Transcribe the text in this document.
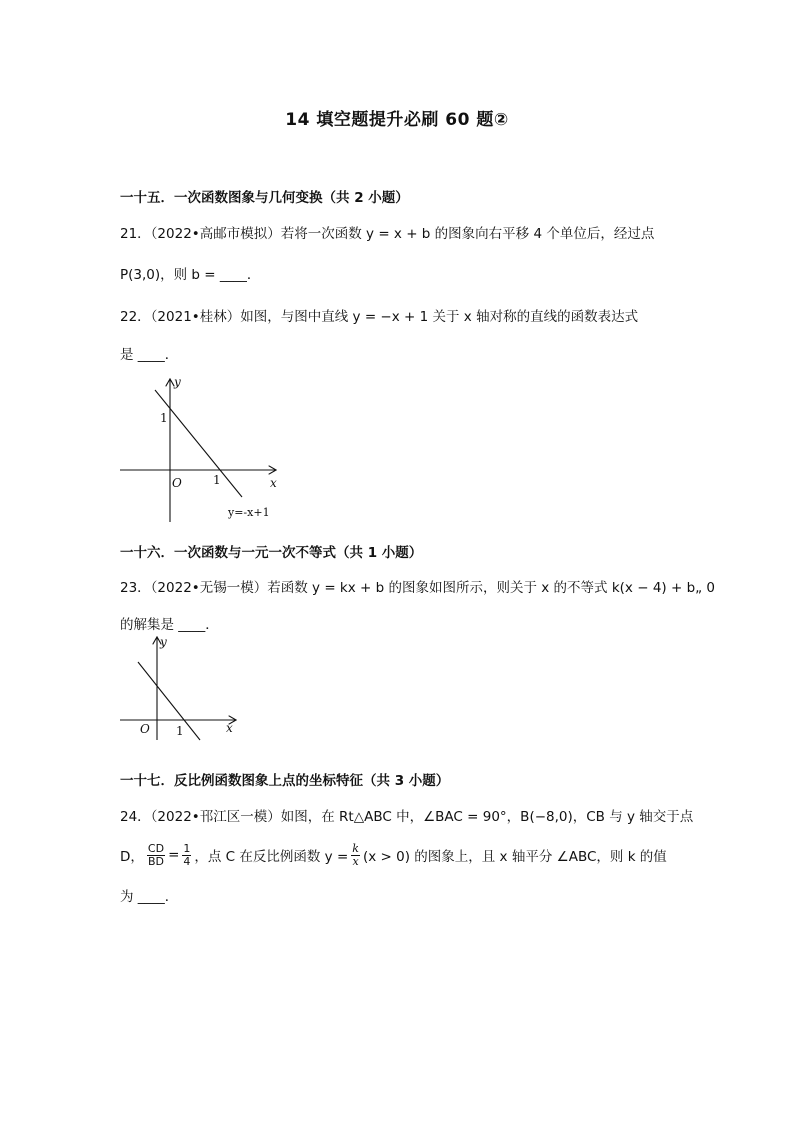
14 填空题提升必刷 60 题②
一十五．一次函数图象与几何变换（共 2 小题）
21．（2022•高邮市模拟）若将一次函数 y = x + b 的图象向右平移 4 个单位后，经过点
P(3,0)，则 b = ____．
22．（2021•桂林）如图，与图中直线 y = −x + 1 关于 x 轴对称的直线的函数表达式
是 ____．
y
x
O	1
1
y=-x+1
一十六．一次函数与一元一次不等式（共 1 小题）
23．（2022•无锡一模）若函数 y = kx + b 的图象如图所示，则关于 x 的不等式 k(x − 4) + b„ 0
的解集是 ____．
y
x
O 1
一十七．反比例函数图象上点的坐标特征（共 3 小题）
24．（2022•邗江区一模）如图，在 Rt△ABC 中，∠BAC = 90°，B(−8,0)，CB 与 y 轴交于点
D， $\frac{CD}{BD} = \frac{1}{4}$ ，点 C 在反比例函数 $y = \frac{k}{x} (x > 0)$ 的图象上，且 x 轴平分 ∠ABC，则 k 的值
为 ____．
